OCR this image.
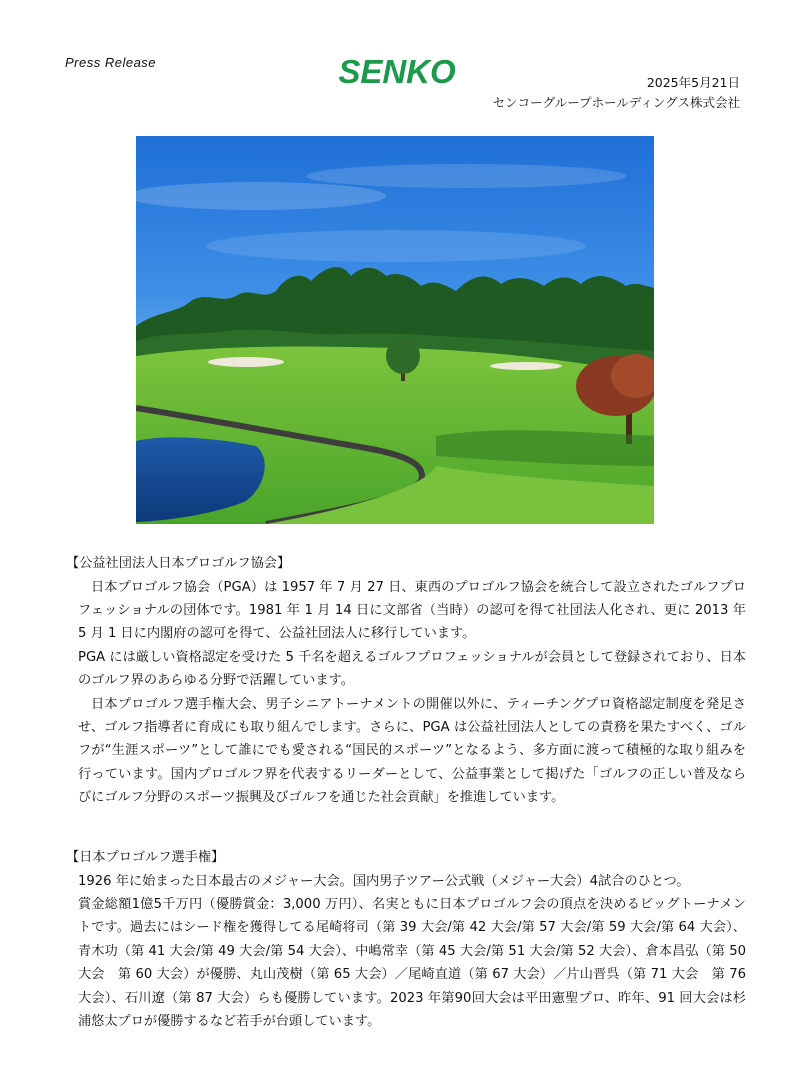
Press Release	SENKO	2025年5月21日

センコーグループホールディングス株式会社

【公益社団法人日本プロゴルフ協会】

日本プロゴルフ協会（PGA）は 1957 年 7 月 27 日、東西のプロゴルフ協会を統合して設立されたゴルフプロフェッショナルの団体です。1981 年 1 月 14 日に文部省（当時）の認可を得て社団法人化され、更に 2013 年 5 月 1 日に内閣府の認可を得て、公益社団法人に移行しています。

PGA には厳しい資格認定を受けた 5 千名を超えるゴルフプロフェッショナルが会員として登録されており、日本のゴルフ界のあらゆる分野で活躍しています。

日本プロゴルフ選手権大会、男子シニアトーナメントの開催以外に、ティーチングプロ資格認定制度を発足させ、ゴルフ指導者に育成にも取り組んでします。さらに、PGA は公益社団法人としての責務を果たすべく、ゴルフが“生涯スポーツ”として誰にでも愛される“国民的スポーツ”となるよう、多方面に渡って積極的な取り組みを行っています。国内プロゴルフ界を代表するリーダーとして、公益事業として掲げた「ゴルフの正しい普及ならびにゴルフ分野のスポーツ振興及びゴルフを通じた社会貢献」を推進しています。

【日本プロゴルフ選手権】

1926 年に始まった日本最古のメジャー大会。国内男子ツアー公式戦（メジャー大会）4試合のひとつ。

賞金総額1億5千万円（優勝賞金：3,000 万円）、名実ともに日本プロゴルフ会の頂点を決めるビッグトーナメントです。過去にはシード権を獲得してる尾崎将司（第 39 大会/第 42 大会/第 57 大会/第 59 大会/第 64 大会）、青木功（第 41 大会/第 49 大会/第 54 大会）、中嶋常幸（第 45 大会/第 51 大会/第 52 大会）、倉本昌弘（第 50 大会　第 60 大会）が優勝、丸山茂樹（第 65 大会）／尾崎直道（第 67 大会）／片山晋呉（第 71 大会　第 76 大会）、石川遼（第 87 大会）らも優勝しています。2023 年第90回大会は平田憲聖プロ、昨年、91 回大会は杉浦悠太プロが優勝するなど若手が台頭しています。
